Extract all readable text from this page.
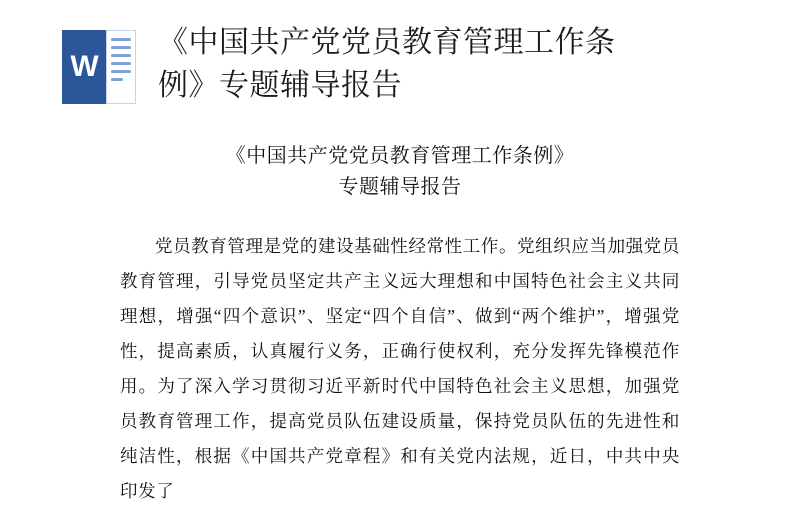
W
《中国共产党党员教育管理工作条例》专题辅导报告
《中国共产党党员教育管理工作条例》
专题辅导报告

党员教育管理是党的建设基础性经常性工作。党组织应当加强党员教育管理，引导党员坚定共产主义远大理想和中国特色社会主义共同理想，增强“四个意识”、坚定“四个自信”、做到“两个维护”，增强党性，提高素质，认真履行义务，正确行使权利，充分发挥先锋模范作用。为了深入学习贯彻习近平新时代中国特色社会主义思想，加强党员教育管理工作，提高党员队伍建设质量，保持党员队伍的先进性和纯洁性，根据《中国共产党章程》和有关党内法规，近日，中共中央印发了
